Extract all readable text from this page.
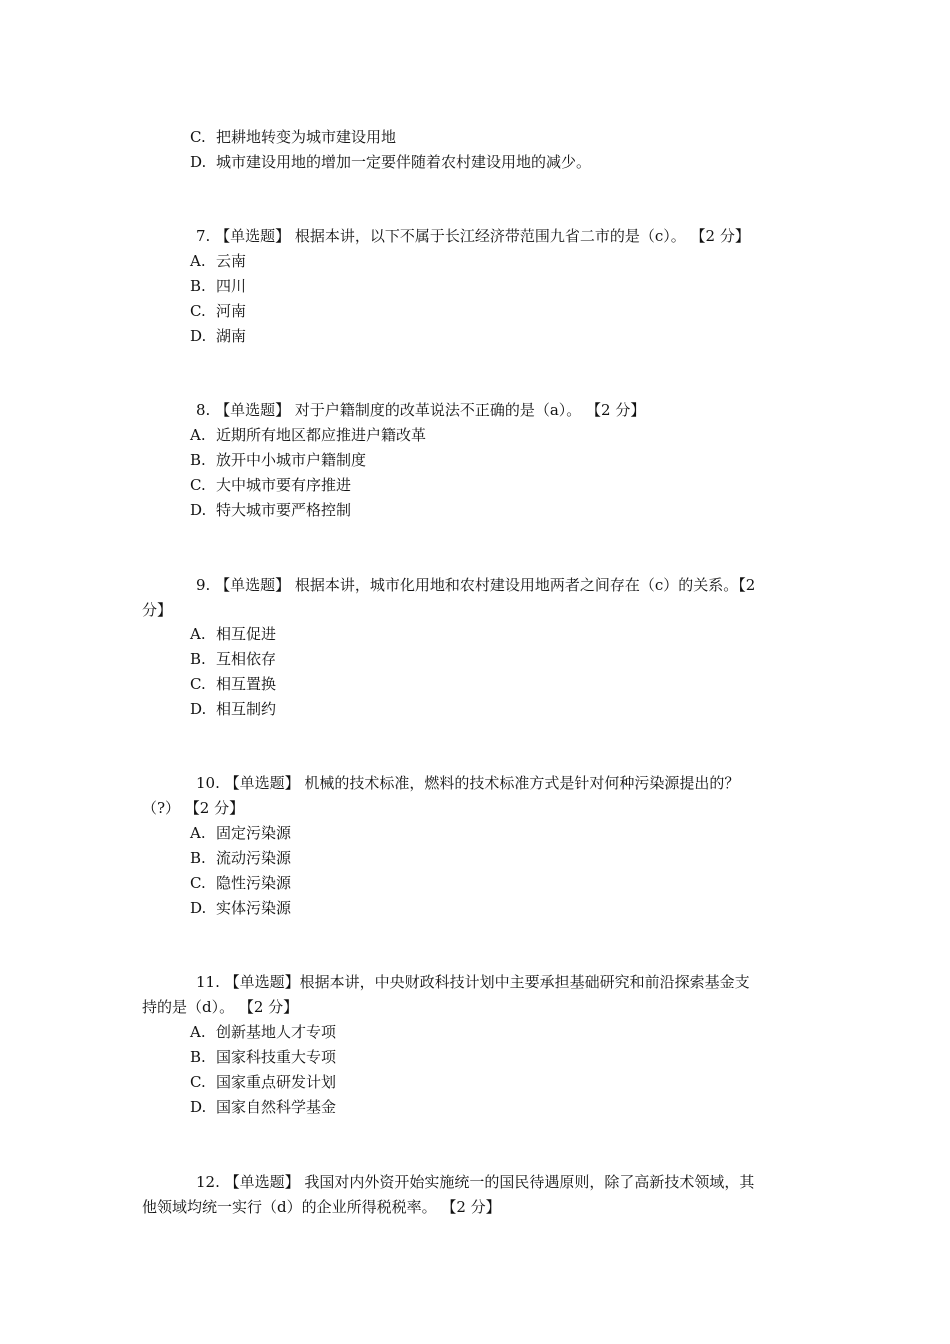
C. 把耕地转变为城市建设用地
D. 城市建设用地的增加一定要伴随着农村建设用地的减少。
7. 【单选题】 根据本讲，以下不属于长江经济带范围九省二市的是（c）。 【2 分】
A. 云南
B. 四川
C. 河南
D. 湖南
8. 【单选题】 对于户籍制度的改革说法不正确的是（a）。 【2 分】
A. 近期所有地区都应推进户籍改革
B. 放开中小城市户籍制度
C. 大中城市要有序推进
D. 特大城市要严格控制
9. 【单选题】 根据本讲，城市化用地和农村建设用地两者之间存在（c）的关系。【2
分】
A. 相互促进
B. 互相依存
C. 相互置换
D. 相互制约
10. 【单选题】 机械的技术标准，燃料的技术标准方式是针对何种污染源提出的？
（?） 【2 分】
A. 固定污染源
B. 流动污染源
C. 隐性污染源
D. 实体污染源
11. 【单选题】根据本讲，中央财政科技计划中主要承担基础研究和前沿探索基金支
持的是（d）。 【2 分】
A. 创新基地人才专项
B. 国家科技重大专项
C. 国家重点研发计划
D. 国家自然科学基金
12. 【单选题】 我国对内外资开始实施统一的国民待遇原则，除了高新技术领域，其
他领域均统一实行（d）的企业所得税税率。 【2 分】
